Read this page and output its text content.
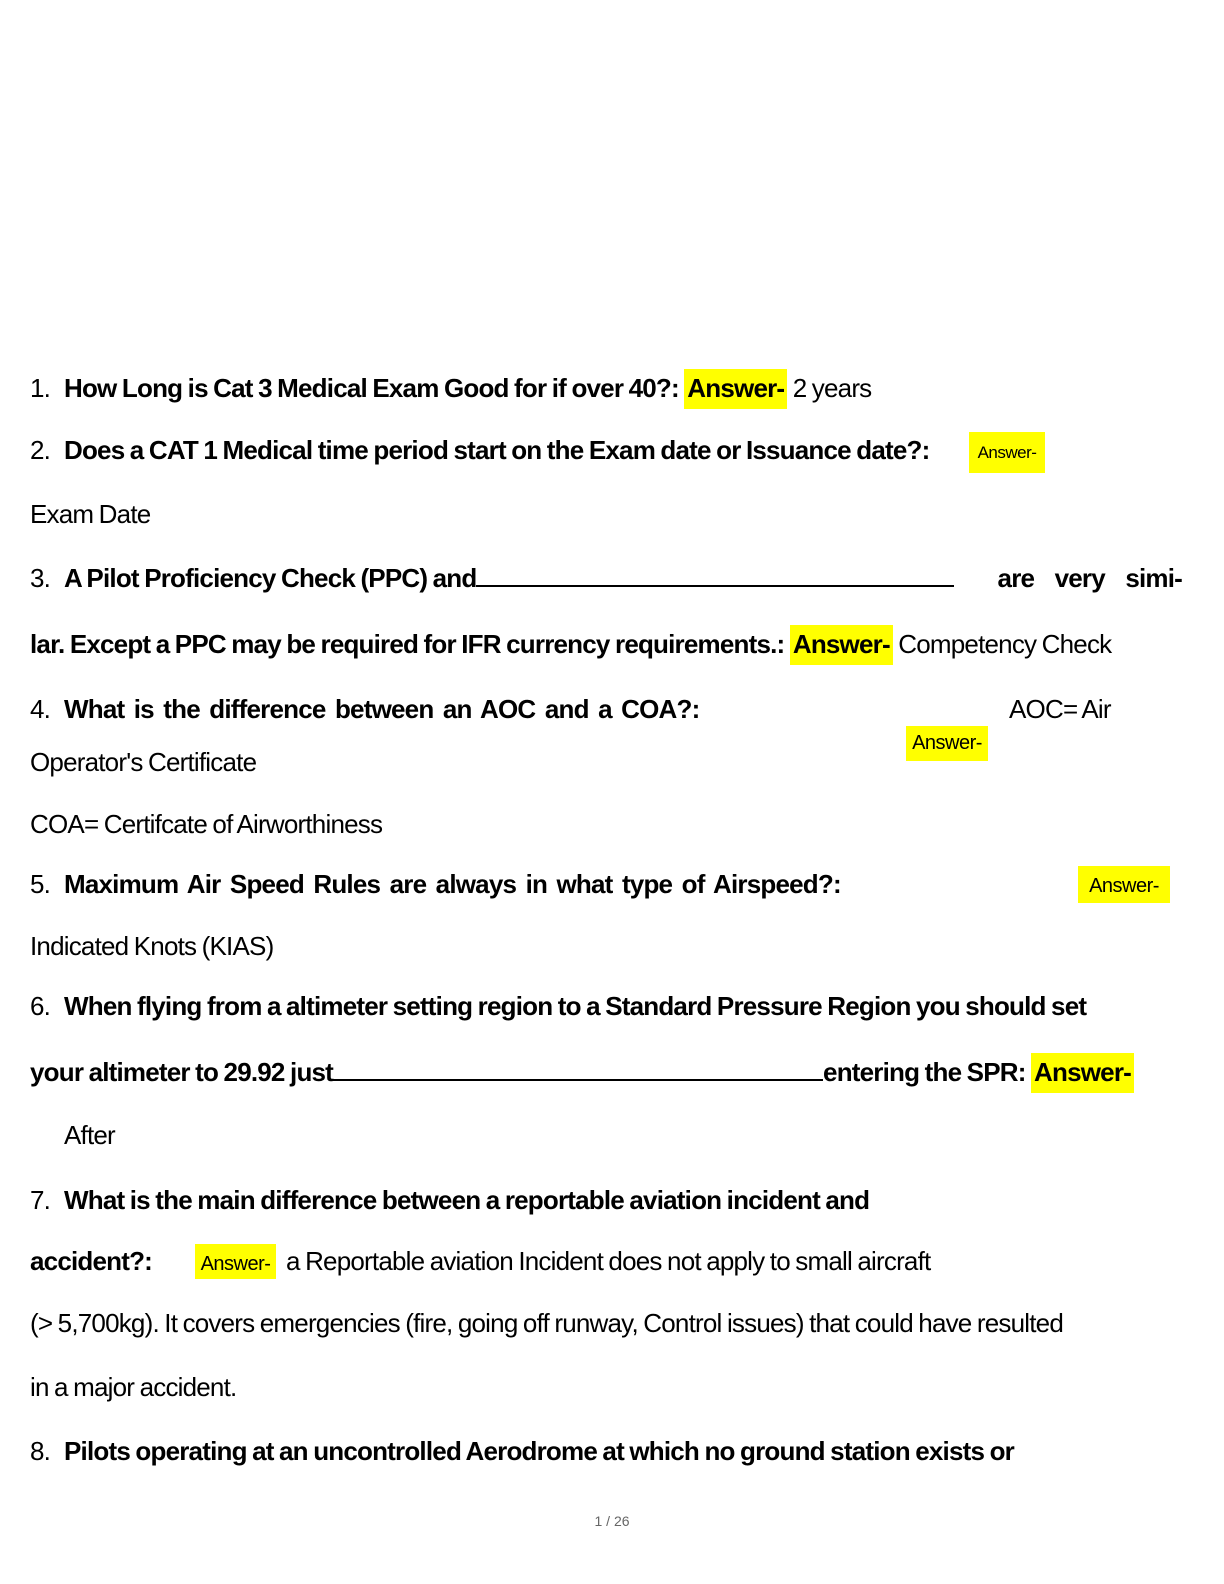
1. How Long is Cat 3 Medical Exam Good for if over 40?: Answer- 2 years
2. Does a CAT 1 Medical time period start on the Exam date or Issuance date?:	Answer-
Exam Date
3. A Pilot Proficiency Check (PPC) and	are very simi-
lar. Except a PPC may be required for IFR currency requirements.: Answer- Competency Check
4. What is the difference between an AOC and a COA?:	AOC= Air
Answer-
Operator's Certificate
COA= Certifcate of Airworthiness
5. Maximum Air Speed Rules are always in what type of Airspeed?:	Answer-
Indicated Knots (KIAS)
6. When flying from a altimeter setting region to a Standard Pressure Region you should set
your altimeter to 29.92 just	entering the SPR: Answer-
After
7. What is the main difference between a reportable aviation incident and
accident?: Answer- a Reportable aviation Incident does not apply to small aircraft
(> 5,700kg). It covers emergencies (fire, going off runway, Control issues) that could have resulted
in a major accident.
8. Pilots operating at an uncontrolled Aerodrome at which no ground station exists or
1 / 26
